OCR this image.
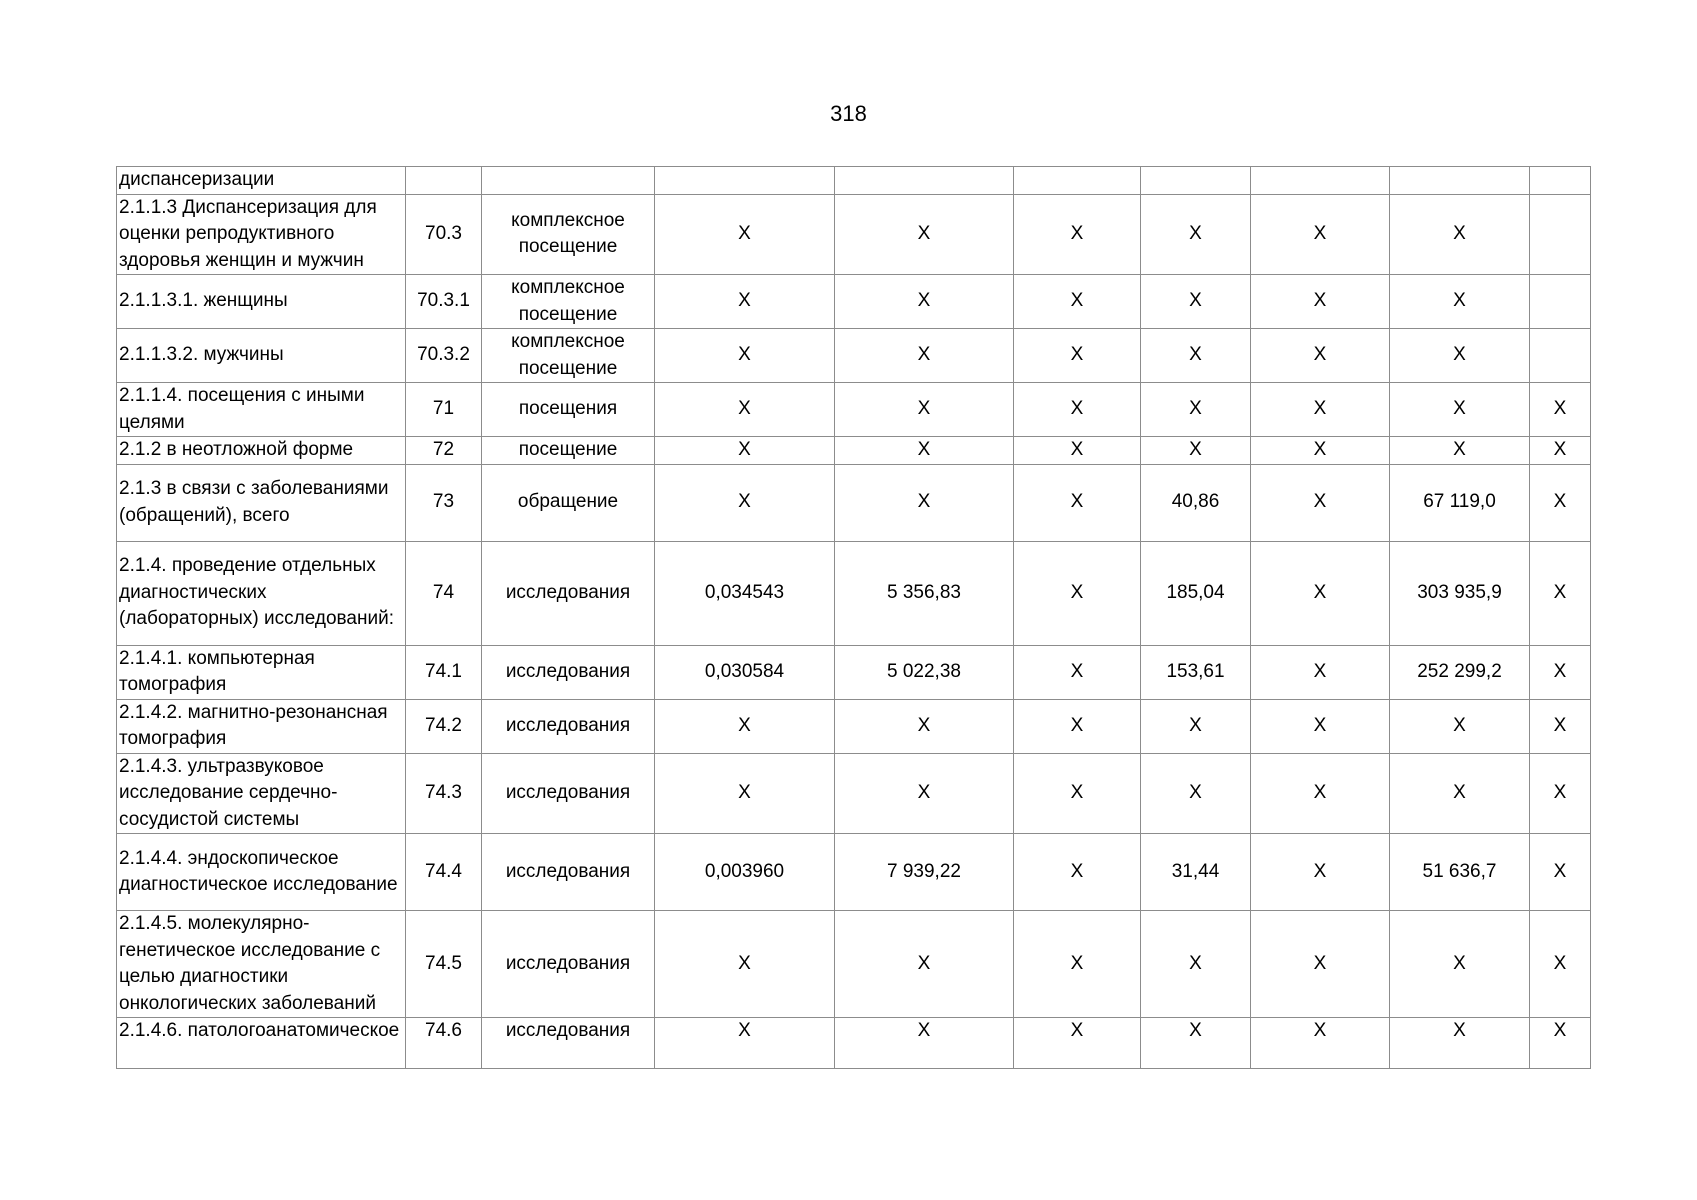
318
диспансеризации									
2.1.1.3 Диспансеризация для оценки репродуктивного здоровья женщин и мужчин	70.3	комплексное посещение	X	X	X	X	X	X	
2.1.1.3.1. женщины	70.3.1	комплексное посещение	X	X	X	X	X	X	
2.1.1.3.2. мужчины	70.3.2	комплексное посещение	X	X	X	X	X	X	
2.1.1.4. посещения с иными целями	71	посещения	X	X	X	X	X	X	X
2.1.2 в неотложной форме	72	посещение	X	X	X	X	X	X	X
2.1.3 в связи с заболеваниями (обращений), всего	73	обращение	X	X	X	40,86	X	67 119,0	X
2.1.4. проведение отдельных диагностических (лабораторных) исследований:	74	исследования	0,034543	5 356,83	X	185,04	X	303 935,9	X
2.1.4.1. компьютерная томография	74.1	исследования	0,030584	5 022,38	X	153,61	X	252 299,2	X
2.1.4.2. магнитно-резонансная томография	74.2	исследования	X	X	X	X	X	X	X
2.1.4.3. ультразвуковое исследование сердечно-сосудистой системы	74.3	исследования	X	X	X	X	X	X	X
2.1.4.4. эндоскопическое диагностическое исследование	74.4	исследования	0,003960	7 939,22	X	31,44	X	51 636,7	X
2.1.4.5. молекулярно-генетическое исследование с целью диагностики онкологических заболеваний	74.5	исследования	X	X	X	X	X	X	X
2.1.4.6. патологоанатомическое	74.6	исследования	X	X	X	X	X	X	X
